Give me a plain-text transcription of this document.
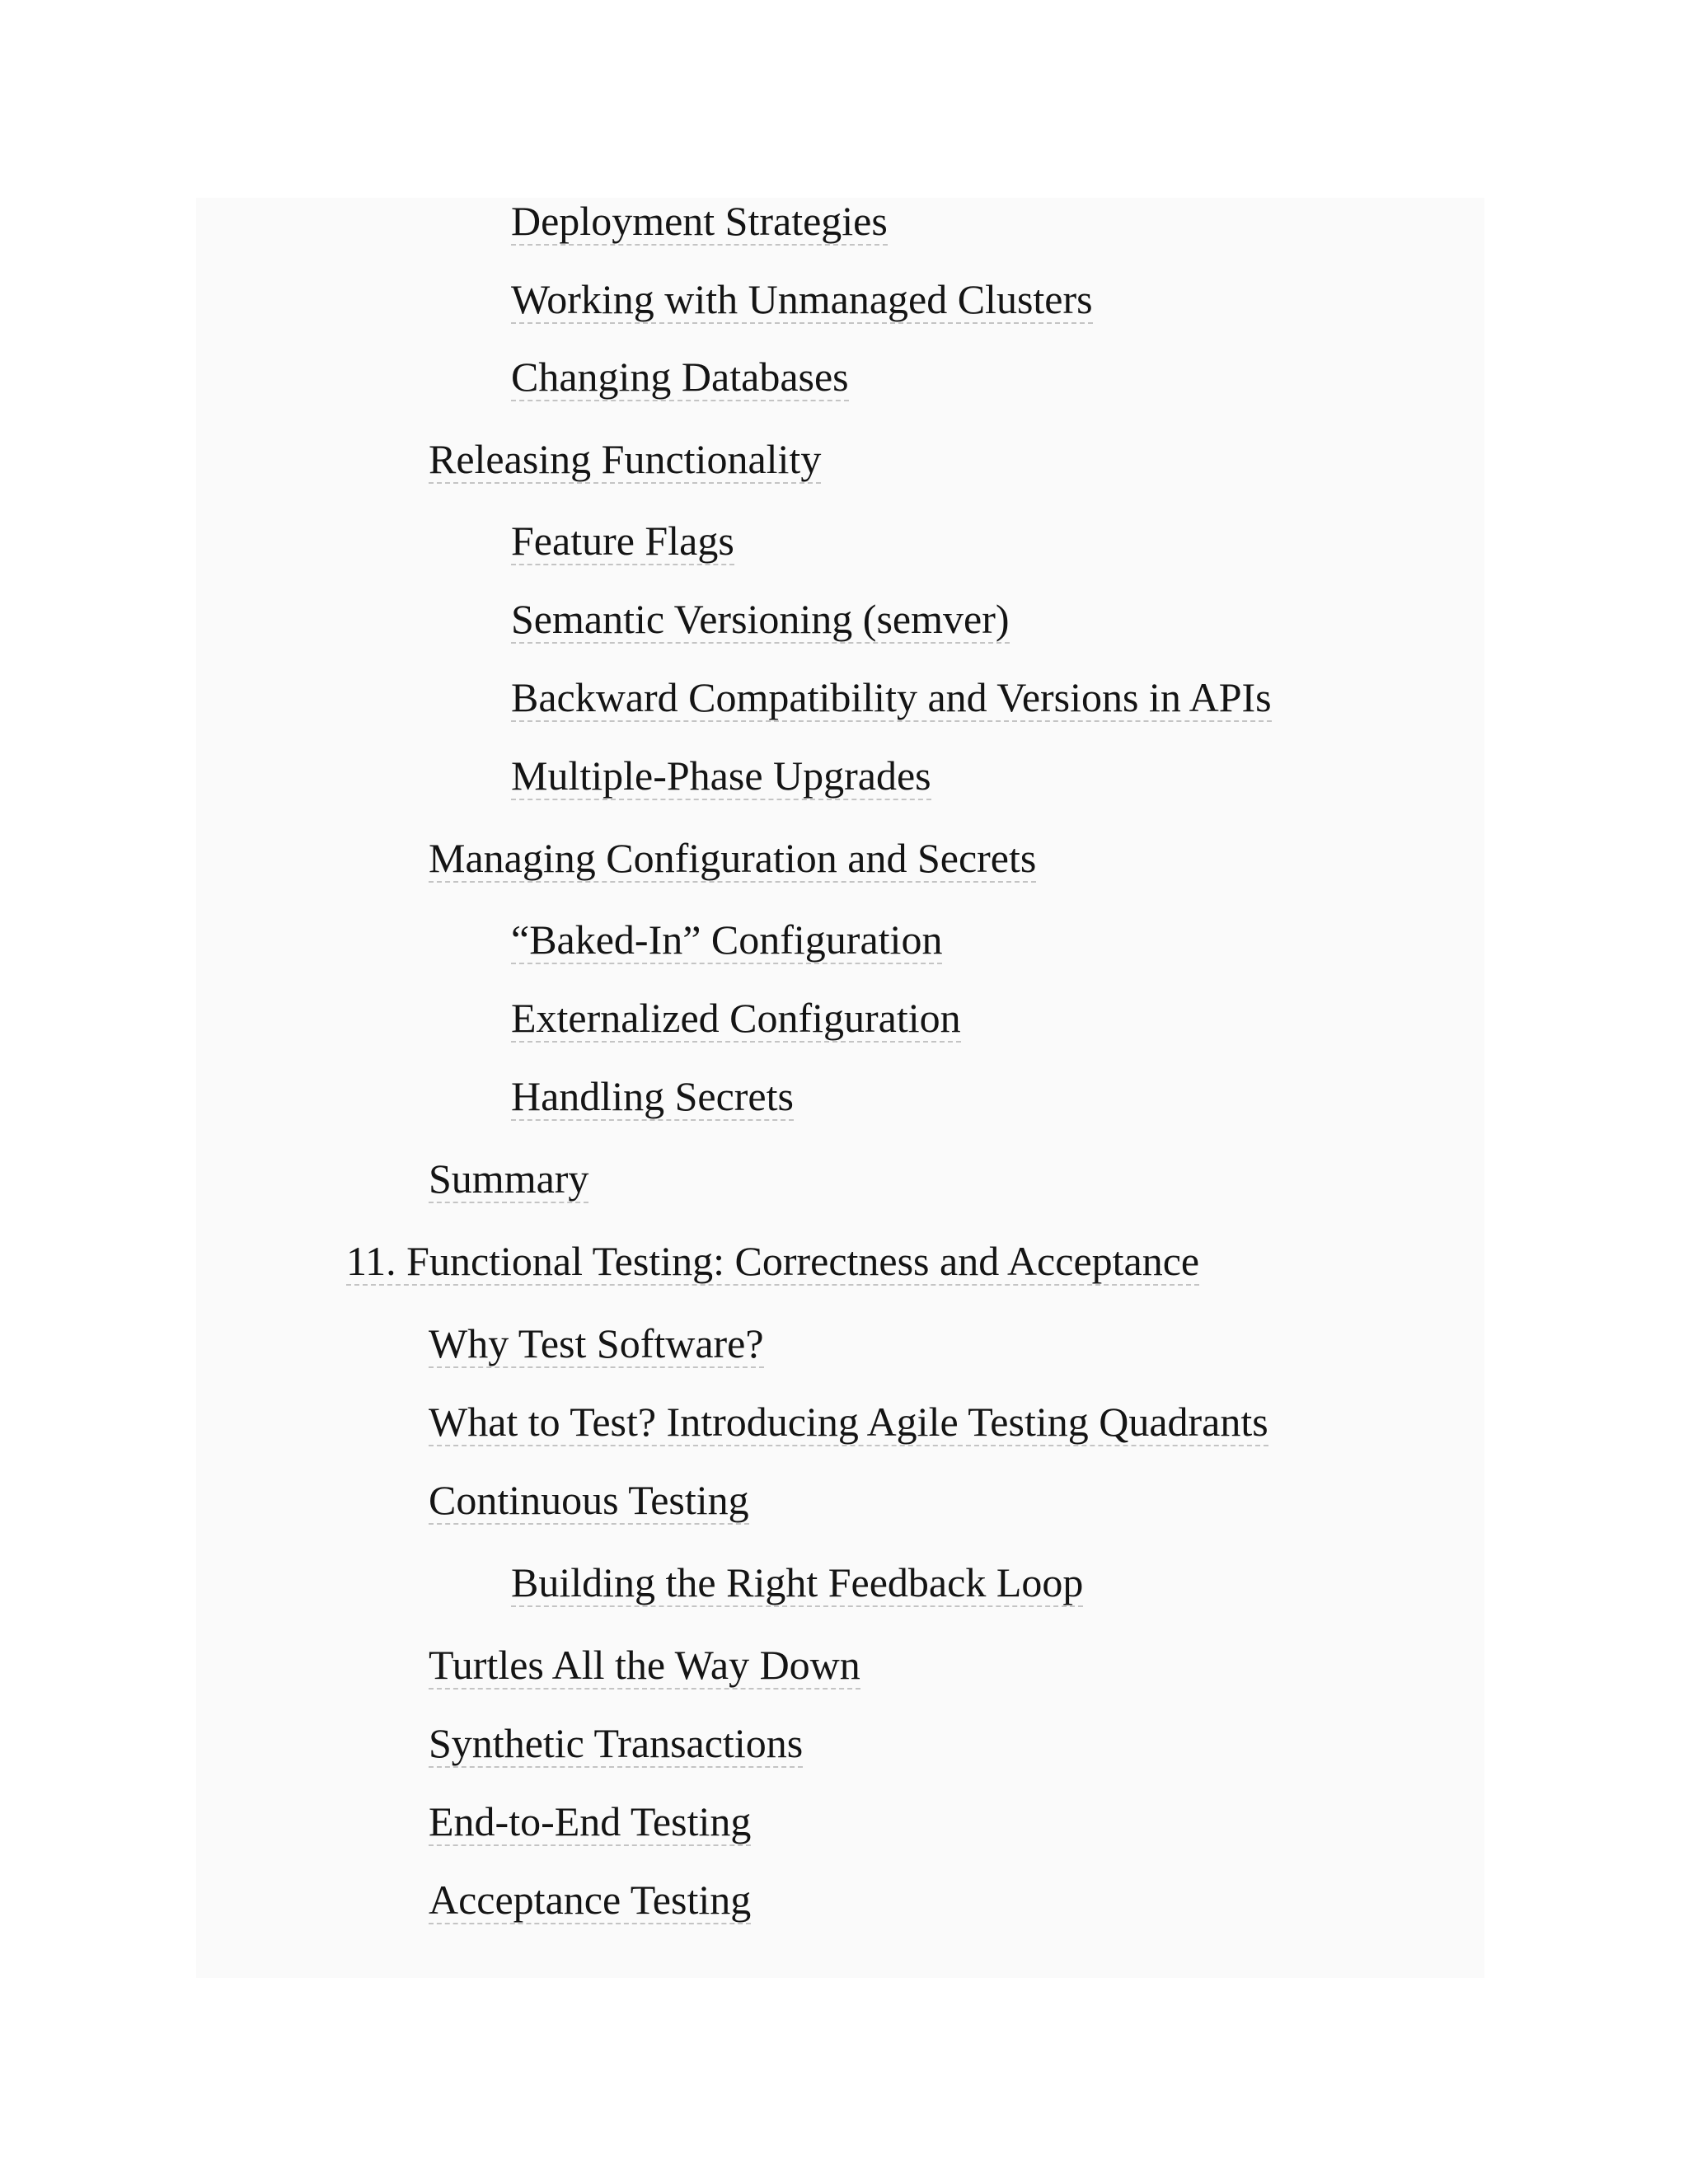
Deployment Strategies
Working with Unmanaged Clusters
Changing Databases
Releasing Functionality
Feature Flags
Semantic Versioning (semver)
Backward Compatibility and Versions in APIs
Multiple-Phase Upgrades
Managing Configuration and Secrets
“Baked-In” Configuration
Externalized Configuration
Handling Secrets
Summary
11. Functional Testing: Correctness and Acceptance
Why Test Software?
What to Test? Introducing Agile Testing Quadrants
Continuous Testing
Building the Right Feedback Loop
Turtles All the Way Down
Synthetic Transactions
End-to-End Testing
Acceptance Testing
